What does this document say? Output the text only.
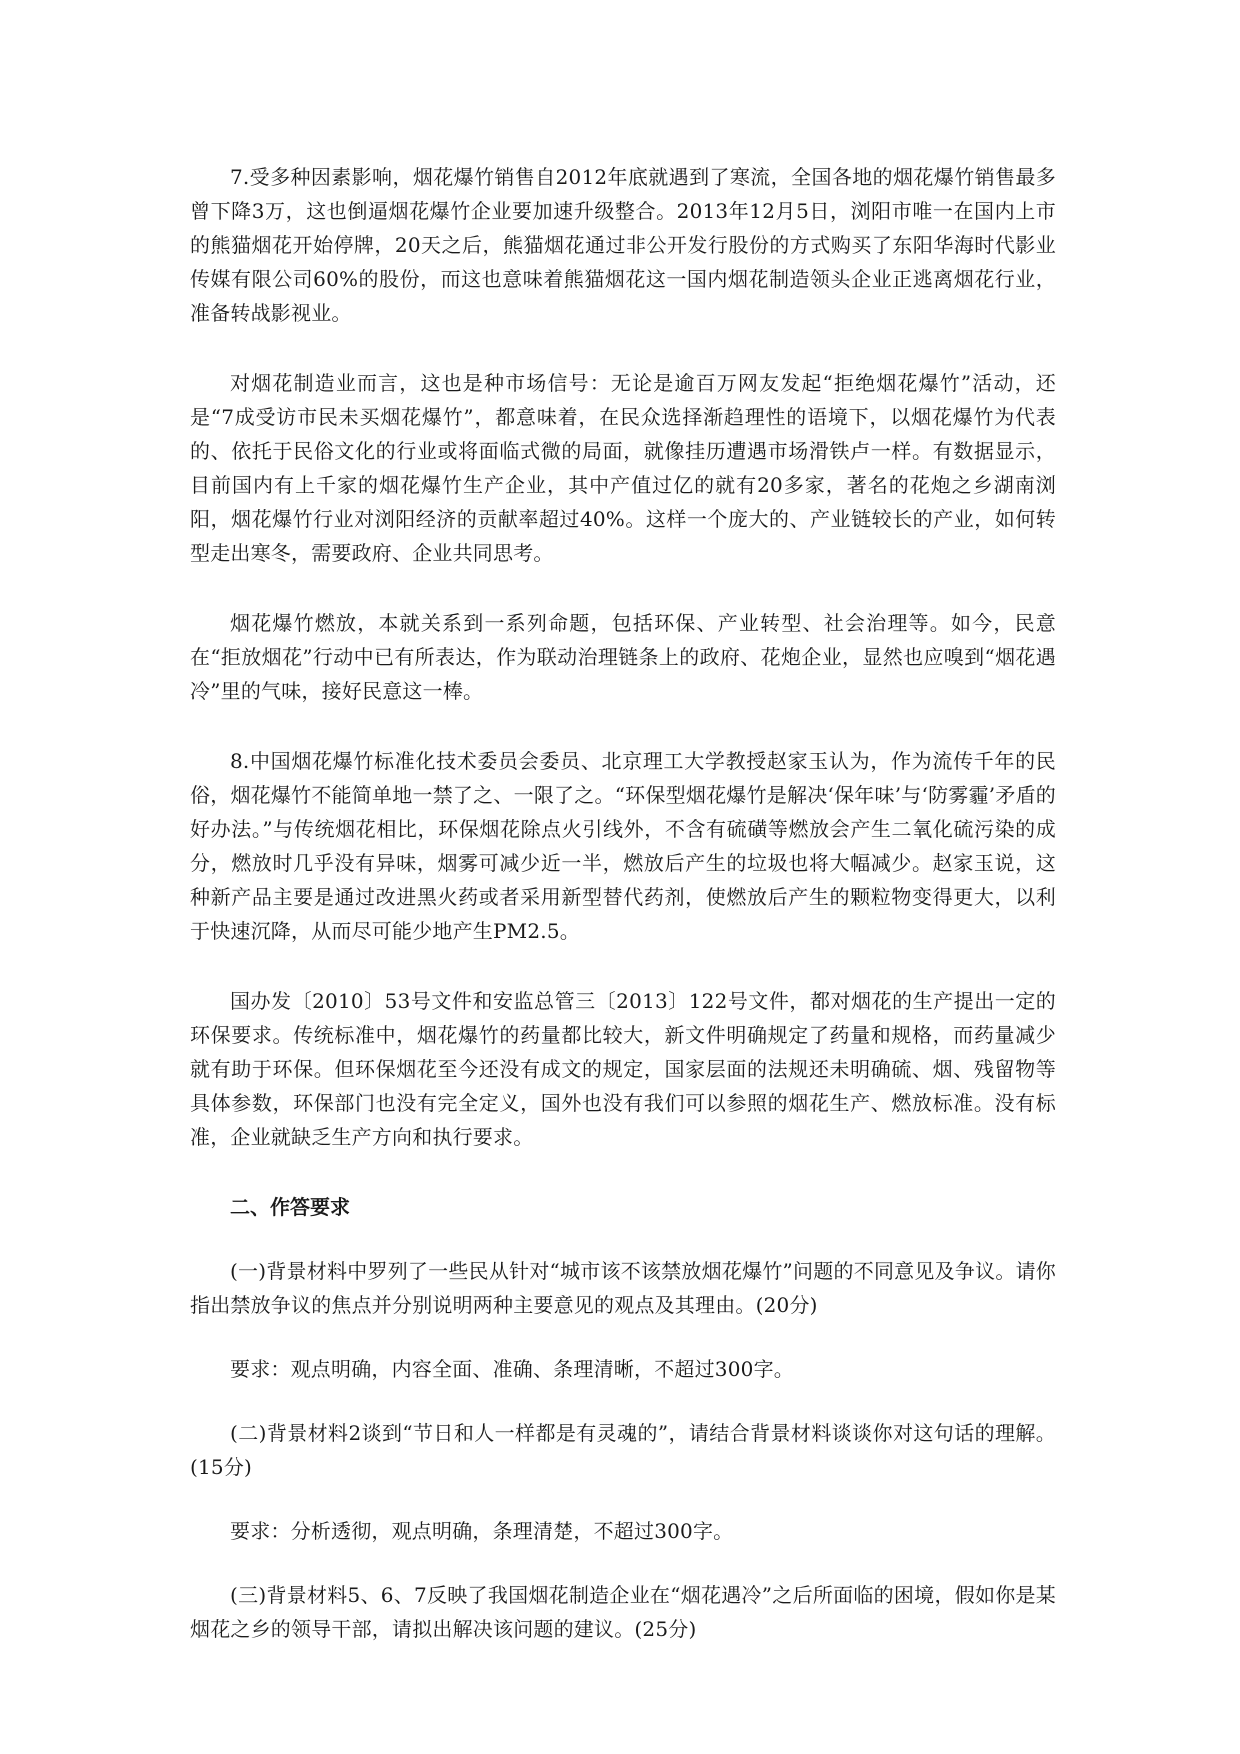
7.受多种因素影响，烟花爆竹销售自2012年底就遇到了寒流，全国各地的烟花爆竹销售最多曾下降3万，这也倒逼烟花爆竹企业要加速升级整合。2013年12月5日，浏阳市唯一在国内上市的熊猫烟花开始停牌，20天之后，熊猫烟花通过非公开发行股份的方式购买了东阳华海时代影业传媒有限公司60%的股份，而这也意味着熊猫烟花这一国内烟花制造领头企业正逃离烟花行业，准备转战影视业。

对烟花制造业而言，这也是种市场信号：无论是逾百万网友发起“拒绝烟花爆竹”活动，还是“7成受访市民未买烟花爆竹”，都意味着，在民众选择渐趋理性的语境下，以烟花爆竹为代表的、依托于民俗文化的行业或将面临式微的局面，就像挂历遭遇市场滑铁卢一样。有数据显示，目前国内有上千家的烟花爆竹生产企业，其中产值过亿的就有20多家，著名的花炮之乡湖南浏阳，烟花爆竹行业对浏阳经济的贡献率超过40%。这样一个庞大的、产业链较长的产业，如何转型走出寒冬，需要政府、企业共同思考。

烟花爆竹燃放，本就关系到一系列命题，包括环保、产业转型、社会治理等。如今，民意在“拒放烟花”行动中已有所表达，作为联动治理链条上的政府、花炮企业，显然也应嗅到“烟花遇冷”里的气味，接好民意这一棒。

8.中国烟花爆竹标准化技术委员会委员、北京理工大学教授赵家玉认为，作为流传千年的民俗，烟花爆竹不能简单地一禁了之、一限了之。“环保型烟花爆竹是解决‘保年味’与‘防雾霾’矛盾的好办法。”与传统烟花相比，环保烟花除点火引线外，不含有硫磺等燃放会产生二氧化硫污染的成分，燃放时几乎没有异味，烟雾可减少近一半，燃放后产生的垃圾也将大幅减少。赵家玉说，这种新产品主要是通过改进黑火药或者采用新型替代药剂，使燃放后产生的颗粒物变得更大，以利于快速沉降，从而尽可能少地产生PM2.5。

国办发〔2010〕53号文件和安监总管三〔2013〕122号文件，都对烟花的生产提出一定的环保要求。传统标准中，烟花爆竹的药量都比较大，新文件明确规定了药量和规格，而药量减少就有助于环保。但环保烟花至今还没有成文的规定，国家层面的法规还未明确硫、烟、残留物等具体参数，环保部门也没有完全定义，国外也没有我们可以参照的烟花生产、燃放标准。没有标准，企业就缺乏生产方向和执行要求。

二、作答要求

(一)背景材料中罗列了一些民从针对“城市该不该禁放烟花爆竹”问题的不同意见及争议。请你指出禁放争议的焦点并分别说明两种主要意见的观点及其理由。(20分)

要求：观点明确，内容全面、准确、条理清晰，不超过300字。

(二)背景材料2谈到“节日和人一样都是有灵魂的”，请结合背景材料谈谈你对这句话的理解。(15分)

要求：分析透彻，观点明确，条理清楚，不超过300字。

(三)背景材料5、6、7反映了我国烟花制造企业在“烟花遇冷”之后所面临的困境，假如你是某烟花之乡的领导干部，请拟出解决该问题的建议。(25分)
